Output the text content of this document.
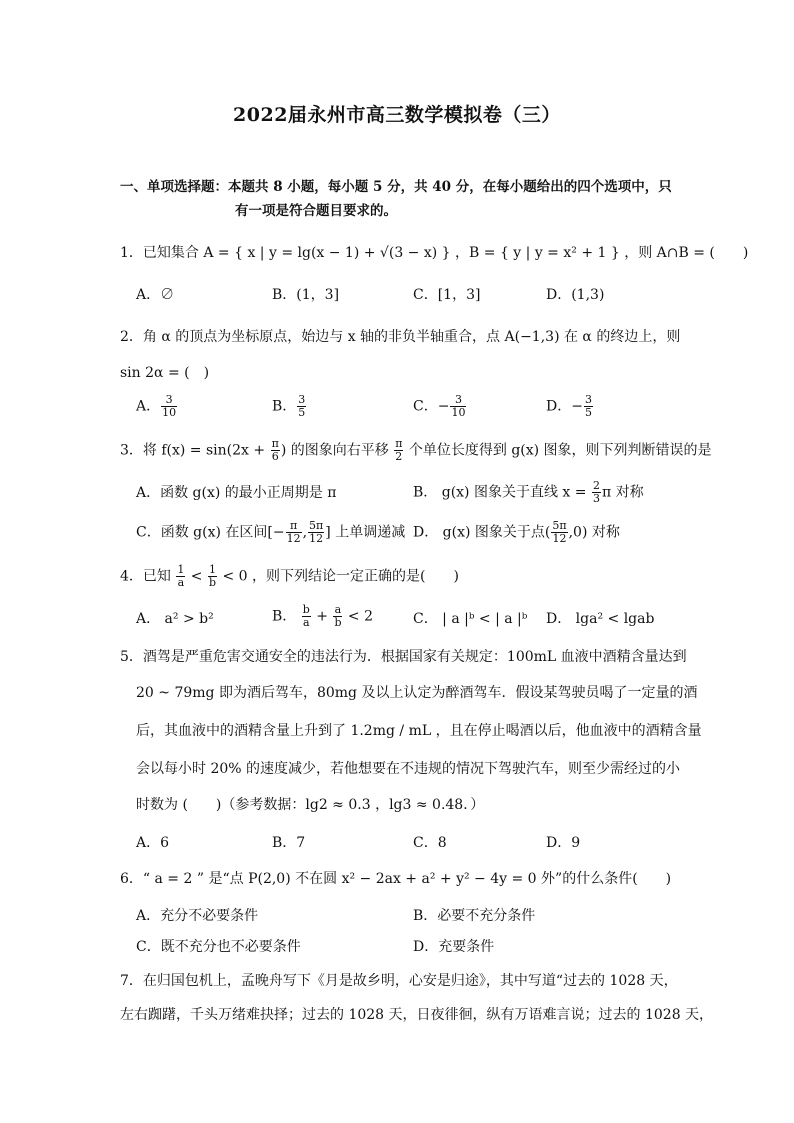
2022届永州市高三数学模拟卷（三）
一、单项选择题：本题共 8 小题，每小题 5 分，共 40 分，在每小题给出的四个选项中，只
有一项是符合题目要求的。
1．已知集合 A = { x | y = lg(x − 1) + √(3 − x) } ，B = { y | y = x² + 1 } ，则 A∩B = (　　)
A．∅	B．(1，3]	C．[1，3]	D．(1,3)
2．角 α 的顶点为坐标原点，始边与 x 轴的非负半轴重合，点 A(−1,3) 在 α 的终边上，则
sin 2α = (　)
A． $\frac{3}{10}$	B． $\frac{3}{5}$	C．− $\frac{3}{10}$	D．− $\frac{3}{5}$
3．将 $f(x) = \sin(2x + \frac{\pi}{6}$ ) 的图象向右平移 $\frac{\pi}{2}$ 个单位长度得到 g(x) 图象，则下列判断错误的是
A．函数 g(x) 的最小正周期是 π	B． g(x) 图象关于直线 $x = \frac{2}{3}$ π 对称
C．函数 g(x) 在区间[− $\frac{\pi}{12}$ , $\frac{5\pi}{12}$ ] 上单调递减 D． g(x) 图象关于点( $\frac{5\pi}{12} ,0$) 对称
4．已知 $\frac{1}{a} < \frac{1}{b} < 0$ ，则下列结论一定正确的是(　　)
A． a² > b²	B． $\frac{b}{a} + \frac{a}{b} < 2$	C． | a |ᵇ < | a |ᵇ D． lga² < lgab
5．酒驾是严重危害交通安全的违法行为．根据国家有关规定：100mL 血液中酒精含量达到
20 ~ 79mg 即为酒后驾车，80mg 及以上认定为醉酒驾车．假设某驾驶员喝了一定量的酒
后，其血液中的酒精含量上升到了 1.2mg / mL ，且在停止喝酒以后，他血液中的酒精含量
会以每小时 20% 的速度减少，若他想要在不违规的情况下驾驶汽车，则至少需经过的小
时数为 (　　)（参考数据：lg2 ≈ 0.3 ，lg3 ≈ 0.48．）
A．6	B．7	C．8	D．9
6．“ a = 2 ” 是“点 P(2,0) 不在圆 x² − 2ax + a² + y² − 4y = 0 外”的什么条件(　　)
A．充分不必要条件	B．必要不充分条件
C．既不充分也不必要条件	D．充要条件
7．在归国包机上，孟晚舟写下《月是故乡明，心安是归途》，其中写道“过去的 1028 天，
左右踟躇，千头万绪难抉择；过去的 1028 天，日夜徘徊，纵有万语难言说；过去的 1028 天，
